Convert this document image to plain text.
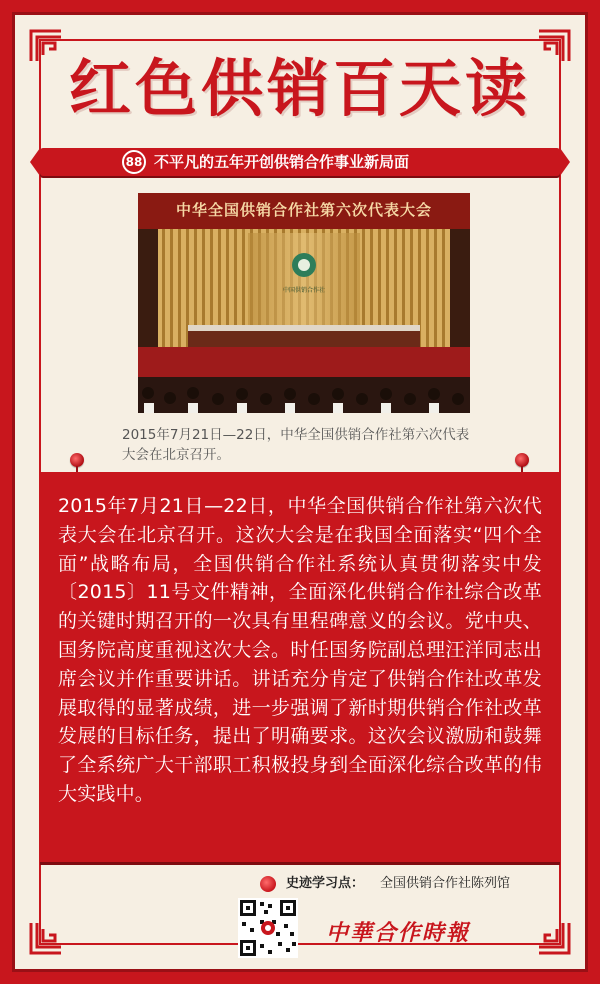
红色供销百天读
88 不平凡的五年开创供销合作事业新局面
中华全国供销合作社第六次代表大会
中国供销合作社
2015年7月21日—22日，中华全国供销合作社第六次代表大会在北京召开。

2015年7月21日—22日，中华全国供销合作社第六次代表大会在北京召开。这次大会是在我国全面落实“四个全面”战略布局，全国供销合作社系统认真贯彻落实中发〔2015〕11号文件精神，全面深化供销合作社综合改革的关键时期召开的一次具有里程碑意义的会议。党中央、国务院高度重视这次大会。时任国务院副总理汪洋同志出席会议并作重要讲话。讲话充分肯定了供销合作社改革发展取得的显著成绩，进一步强调了新时期供销合作社改革发展的目标任务，提出了明确要求。这次会议激励和鼓舞了全系统广大干部职工积极投身到全面深化综合改革的伟大实践中。

史迹学习点： 全国供销合作社陈列馆
中華合作時報
